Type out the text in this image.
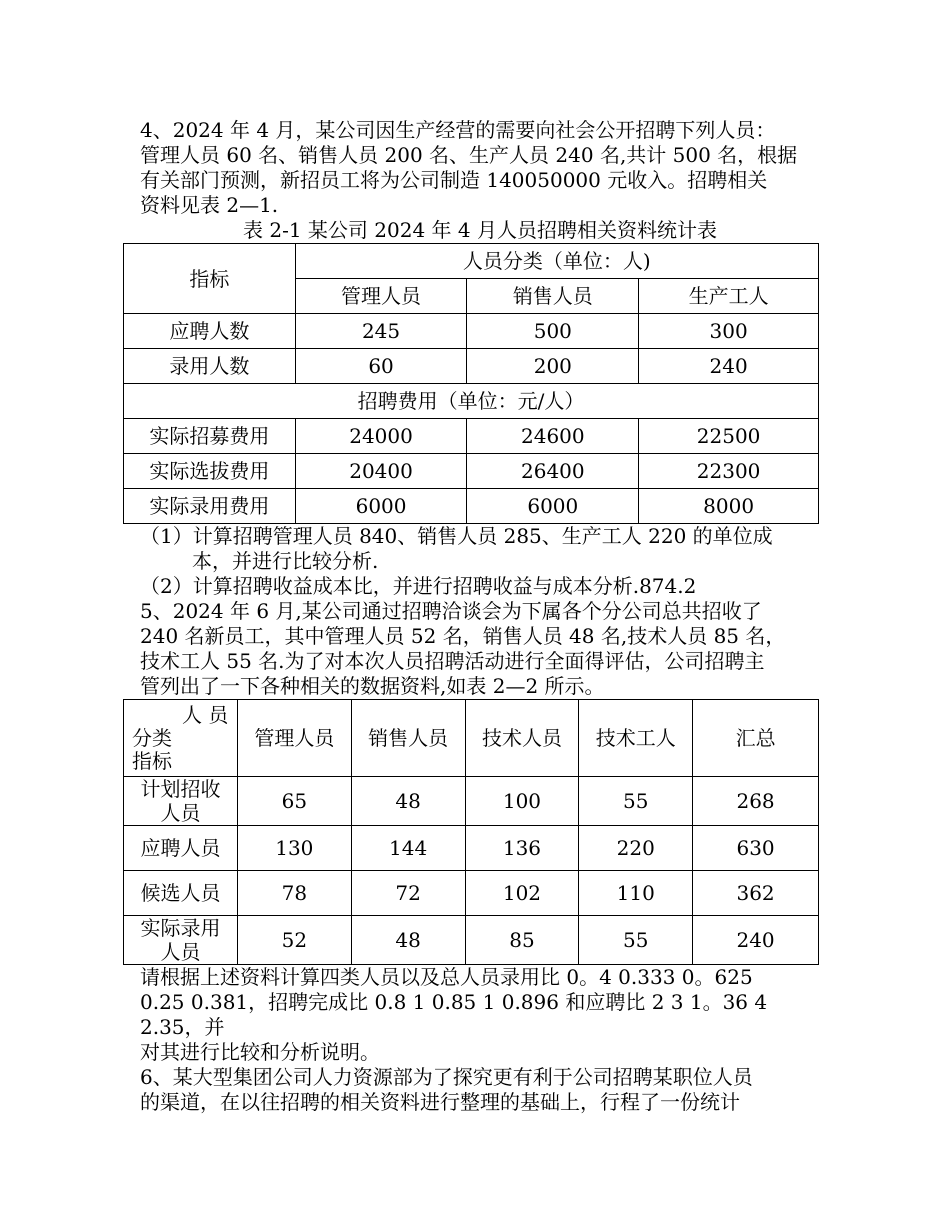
4、2024 年 4 月，某公司因生产经营的需要向社会公开招聘下列人员：

管理人员 60 名、销售人员 200 名、生产人员 240 名,共计 500 名，根据

有关部门预测，新招员工将为公司制造 140050000 元收入。招聘相关

资料见表 2—1.

表 2-1 某公司 2024 年 4 月人员招聘相关资料统计表
指标	人员分类（单位：人)		
	管理人员	销售人员	生产工人
应聘人数	245	500	300
录用人数	60	200	240
招聘费用（单位：元/人）			
实际招募费用	24000	24600	22500
实际选拔费用	20400	26400	22300
实际录用费用	6000	6000	8000

（1）计算招聘管理人员 840、销售人员 285、生产工人 220 的单位成
本，并进行比较分析.

（2）计算招聘收益成本比，并进行招聘收益与成本分析.874.2

5、2024 年 6 月,某公司通过招聘洽谈会为下属各个分公司总共招收了

240 名新员工，其中管理人员 52 名，销售人员 48 名,技术人员 85 名，

技术工人 55 名.为了对本次人员招聘活动进行全面得评估，公司招聘主

管列出了一下各种相关的数据资料,如表 2—2 所示。

人 员
分类
指标	管理人员	销售人员	技术人员	技术工人	汇总
计划招收
人员	65	48	100	55	268
应聘人员	130	144	136	220	630
候选人员	78	72	102	110	362
实际录用
人员	52	48	85	55	240

请根据上述资料计算四类人员以及总人员录用比 0。4 0.333 0。625

0.25 0.381，招聘完成比 0.8 1 0.85 1 0.896 和应聘比 2 3 1。36 4 2.35，并

对其进行比较和分析说明。

6、某大型集团公司人力资源部为了探究更有利于公司招聘某职位人员

的渠道，在以往招聘的相关资料进行整理的基础上，行程了一份统计
